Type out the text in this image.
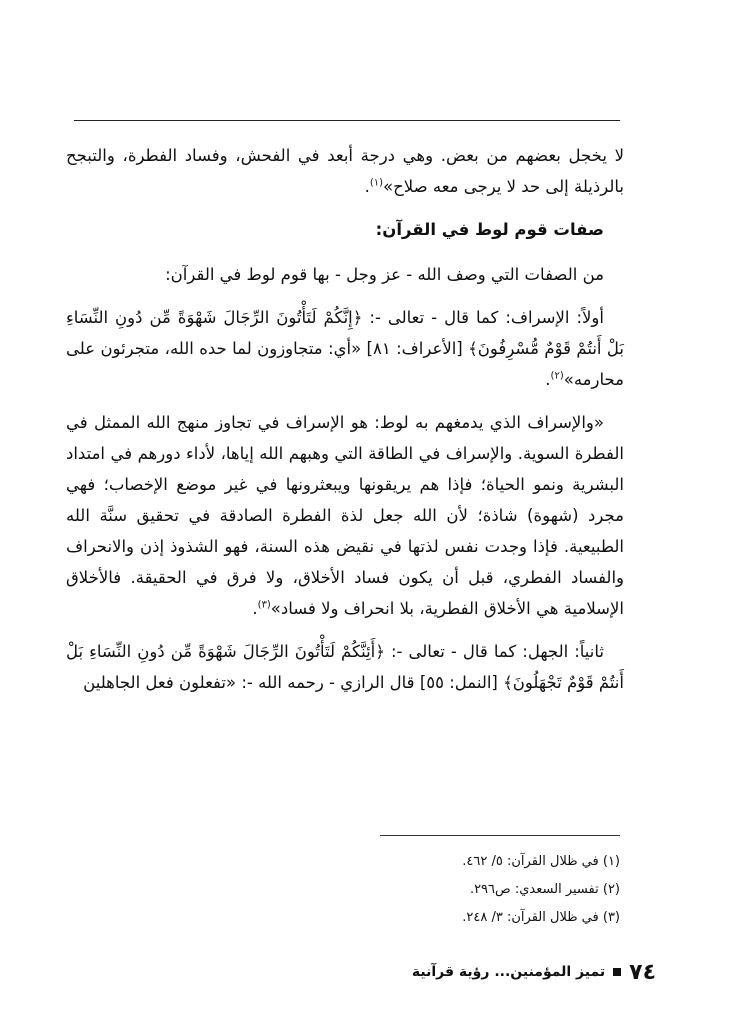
لا يخجل بعضهم من بعض. وهي درجة أبعد في الفحش، وفساد الفطرة، والتبجح بالرذيلة إلى حد لا يرجى معه صلاح»$^{(١)}$.

صفات قوم لوط في القرآن:

من الصفات التي وصف الله - عز وجل - بها قوم لوط في القرآن:

أولاً: الإسراف: كما قال - تعالى -: ﴿إِنَّكُمْ لَتَأْتُونَ الرِّجَالَ شَهْوَةً مِّن دُونِ النِّسَاءِ بَلْ أَنتُمْ قَوْمٌ مُّسْرِفُونَ﴾ [الأعراف: ٨١] «أي: متجاوزون لما حده الله، متجرئون على محارمه»$^{(٢)}$.

«والإسراف الذي يدمغهم به لوط: هو الإسراف في تجاوز منهج الله الممثل في الفطرة السوية. والإسراف في الطاقة التي وهبهم الله إياها، لأداء دورهم في امتداد البشرية ونمو الحياة؛ فإذا هم يريقونها ويبعثرونها في غير موضع الإخصاب؛ فهي مجرد (شهوة) شاذة؛ لأن الله جعل لذة الفطرة الصادقة في تحقيق سنَّة الله الطبيعية. فإذا وجدت نفس لذتها في نقيض هذه السنة، فهو الشذوذ إذن والانحراف والفساد الفطري، قبل أن يكون فساد الأخلاق، ولا فرق في الحقيقة. فالأخلاق الإسلامية هي الأخلاق الفطرية، بلا انحراف ولا فساد»$^{(٣)}$.

ثانياً: الجهل: كما قال - تعالى -: ﴿أَئِنَّكُمْ لَتَأْتُونَ الرِّجَالَ شَهْوَةً مِّن دُونِ النِّسَاءِ بَلْ أَنتُمْ قَوْمٌ تَجْهَلُونَ﴾ [النمل: ٥٥] قال الرازي - رحمه الله -: «تفعلون فعل الجاهلين

(١) في ظلال القرآن: ٥/ ٤٦٢.

(٢) تفسير السعدي: ص٢٩٦.

(٣) في ظلال القرآن: ٣/ ٢٤٨.

٧٤
تميز المؤمنين... رؤية قرآنية
